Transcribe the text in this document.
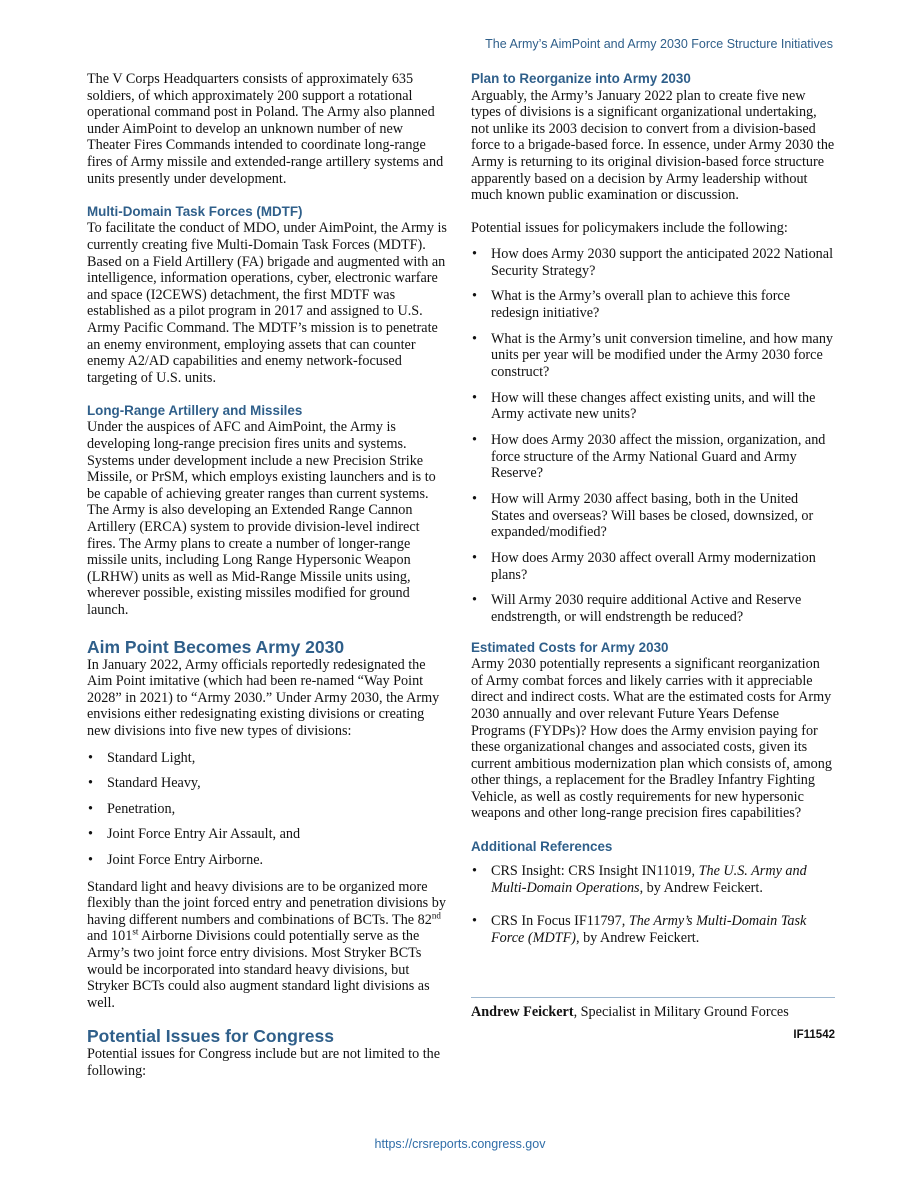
The Army’s AimPoint and Army 2030 Force Structure Initiatives

The V Corps Headquarters consists of approximately 635 soldiers, of which approximately 200 support a rotational operational command post in Poland. The Army also planned under AimPoint to develop an unknown number of new Theater Fires Commands intended to coordinate long-range fires of Army missile and extended-range artillery systems and units presently under development.

Multi-Domain Task Forces (MDTF)

To facilitate the conduct of MDO, under AimPoint, the Army is currently creating five Multi-Domain Task Forces (MDTF). Based on a Field Artillery (FA) brigade and augmented with an intelligence, information operations, cyber, electronic warfare and space (I2CEWS) detachment, the first MDTF was established as a pilot program in 2017 and assigned to U.S. Army Pacific Command. The MDTF’s mission is to penetrate an enemy environment, employing assets that can counter enemy A2/AD capabilities and enemy network-focused targeting of U.S. units.

Long-Range Artillery and Missiles

Under the auspices of AFC and AimPoint, the Army is developing long-range precision fires units and systems. Systems under development include a new Precision Strike Missile, or PrSM, which employs existing launchers and is to be capable of achieving greater ranges than current systems. The Army is also developing an Extended Range Cannon Artillery (ERCA) system to provide division-level indirect fires. The Army plans to create a number of longer-range missile units, including Long Range Hypersonic Weapon (LRHW) units as well as Mid-Range Missile units using, wherever possible, existing missiles modified for ground launch.

Aim Point Becomes Army 2030

In January 2022, Army officials reportedly redesignated the Aim Point imitative (which had been re-named “Way Point 2028” in 2021) to “Army 2030.” Under Army 2030, the Army envisions either redesignating existing divisions or creating new divisions into five new types of divisions:

• Standard Light,
• Standard Heavy,
• Penetration,
• Joint Force Entry Air Assault, and
• Joint Force Entry Airborne.

Standard light and heavy divisions are to be organized more flexibly than the joint forced entry and penetration divisions by having different numbers and combinations of BCTs. The 82nd and 101st Airborne Divisions could potentially serve as the Army’s two joint force entry divisions. Most Stryker BCTs would be incorporated into standard heavy divisions, but Stryker BCTs could also augment standard light divisions as well.

Potential Issues for Congress

Potential issues for Congress include but are not limited to the following:

Plan to Reorganize into Army 2030

Arguably, the Army’s January 2022 plan to create five new types of divisions is a significant organizational undertaking, not unlike its 2003 decision to convert from a division-based force to a brigade-based force. In essence, under Army 2030 the Army is returning to its original division-based force structure apparently based on a decision by Army leadership without much known public examination or discussion.

Potential issues for policymakers include the following:

• How does Army 2030 support the anticipated 2022 National Security Strategy?
• What is the Army’s overall plan to achieve this force redesign initiative?
• What is the Army’s unit conversion timeline, and how many units per year will be modified under the Army 2030 force construct?
• How will these changes affect existing units, and will the Army activate new units?
• How does Army 2030 affect the mission, organization, and force structure of the Army National Guard and Army Reserve?
• How will Army 2030 affect basing, both in the United States and overseas? Will bases be closed, downsized, or expanded/modified?
• How does Army 2030 affect overall Army modernization plans?
• Will Army 2030 require additional Active and Reserve endstrength, or will endstrength be reduced?
Estimated Costs for Army 2030

Army 2030 potentially represents a significant reorganization of Army combat forces and likely carries with it appreciable direct and indirect costs. What are the estimated costs for Army 2030 annually and over relevant Future Years Defense Programs (FYDPs)? How does the Army envision paying for these organizational changes and associated costs, given its current ambitious modernization plan which consists of, among other things, a replacement for the Bradley Infantry Fighting Vehicle, as well as costly requirements for new hypersonic weapons and other long-range precision fires capabilities?

Additional References
• CRS Insight: CRS Insight IN11019, The U.S. Army and Multi-Domain Operations, by Andrew Feickert.
• CRS In Focus IF11797, The Army’s Multi-Domain Task Force (MDTF), by Andrew Feickert.
Andrew Feickert, Specialist in Military Ground Forces
IF11542
https://crsreports.congress.gov
